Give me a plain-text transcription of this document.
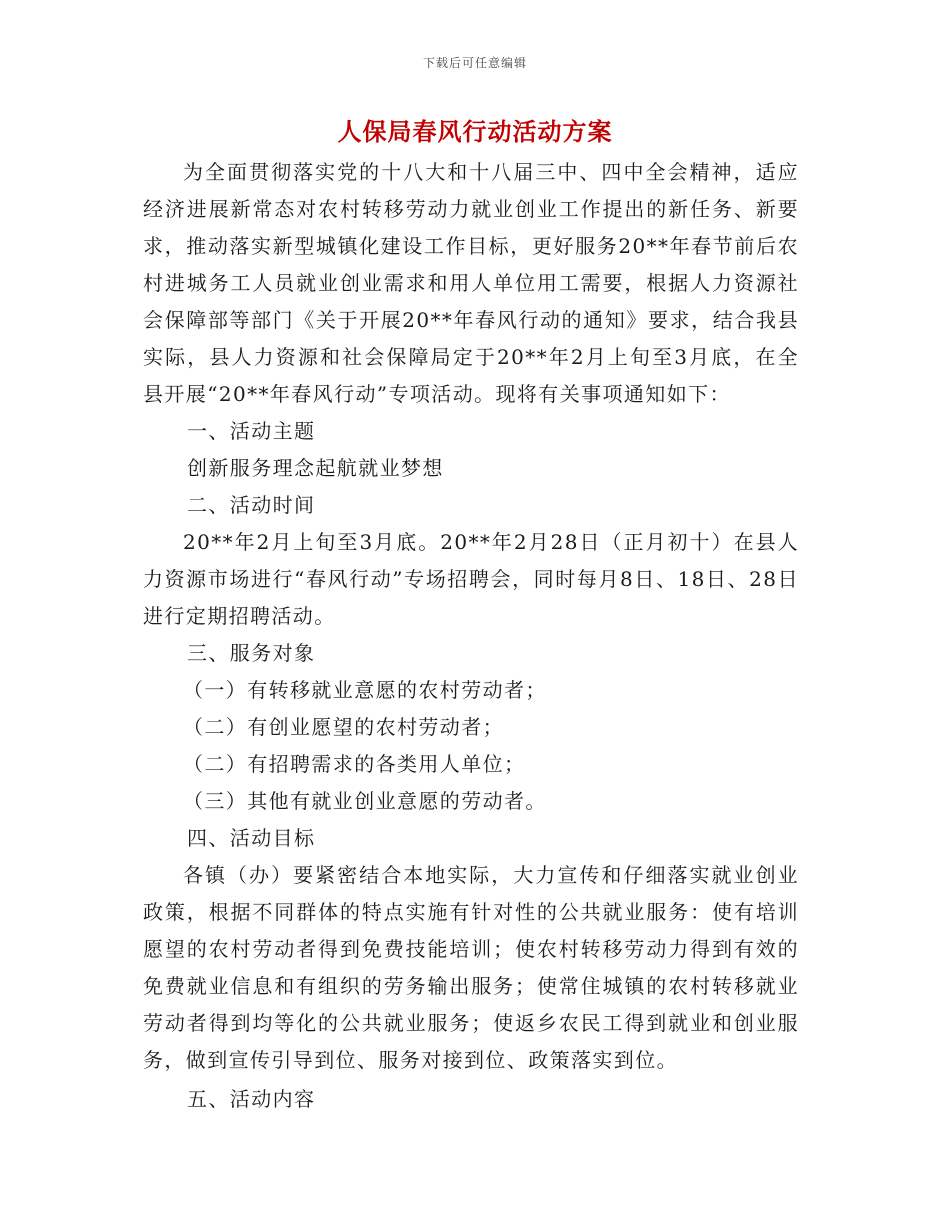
下载后可任意编辑
人保局春风行动活动方案

为全面贯彻落实党的十八大和十八届三中、四中全会精神，适应经济进展新常态对农村转移劳动力就业创业工作提出的新任务、新要求，推动落实新型城镇化建设工作目标，更好服务20**年春节前后农村进城务工人员就业创业需求和用人单位用工需要，根据人力资源社会保障部等部门《关于开展20**年春风行动的通知》要求，结合我县实际，县人力资源和社会保障局定于20**年2月上旬至3月底，在全县开展“20**年春风行动”专项活动。现将有关事项通知如下：

一、活动主题

创新服务理念起航就业梦想

二、活动时间

20**年2月上旬至3月底。20**年2月28日（正月初十）在县人力资源市场进行“春风行动”专场招聘会，同时每月8日、18日、28日进行定期招聘活动。

三、服务对象

（一）有转移就业意愿的农村劳动者；

（二）有创业愿望的农村劳动者；

（二）有招聘需求的各类用人单位；

（三）其他有就业创业意愿的劳动者。

四、活动目标

各镇（办）要紧密结合本地实际，大力宣传和仔细落实就业创业政策，根据不同群体的特点实施有针对性的公共就业服务：使有培训愿望的农村劳动者得到免费技能培训；使农村转移劳动力得到有效的免费就业信息和有组织的劳务输出服务；使常住城镇的农村转移就业劳动者得到均等化的公共就业服务；使返乡农民工得到就业和创业服务，做到宣传引导到位、服务对接到位、政策落实到位。

五、活动内容
